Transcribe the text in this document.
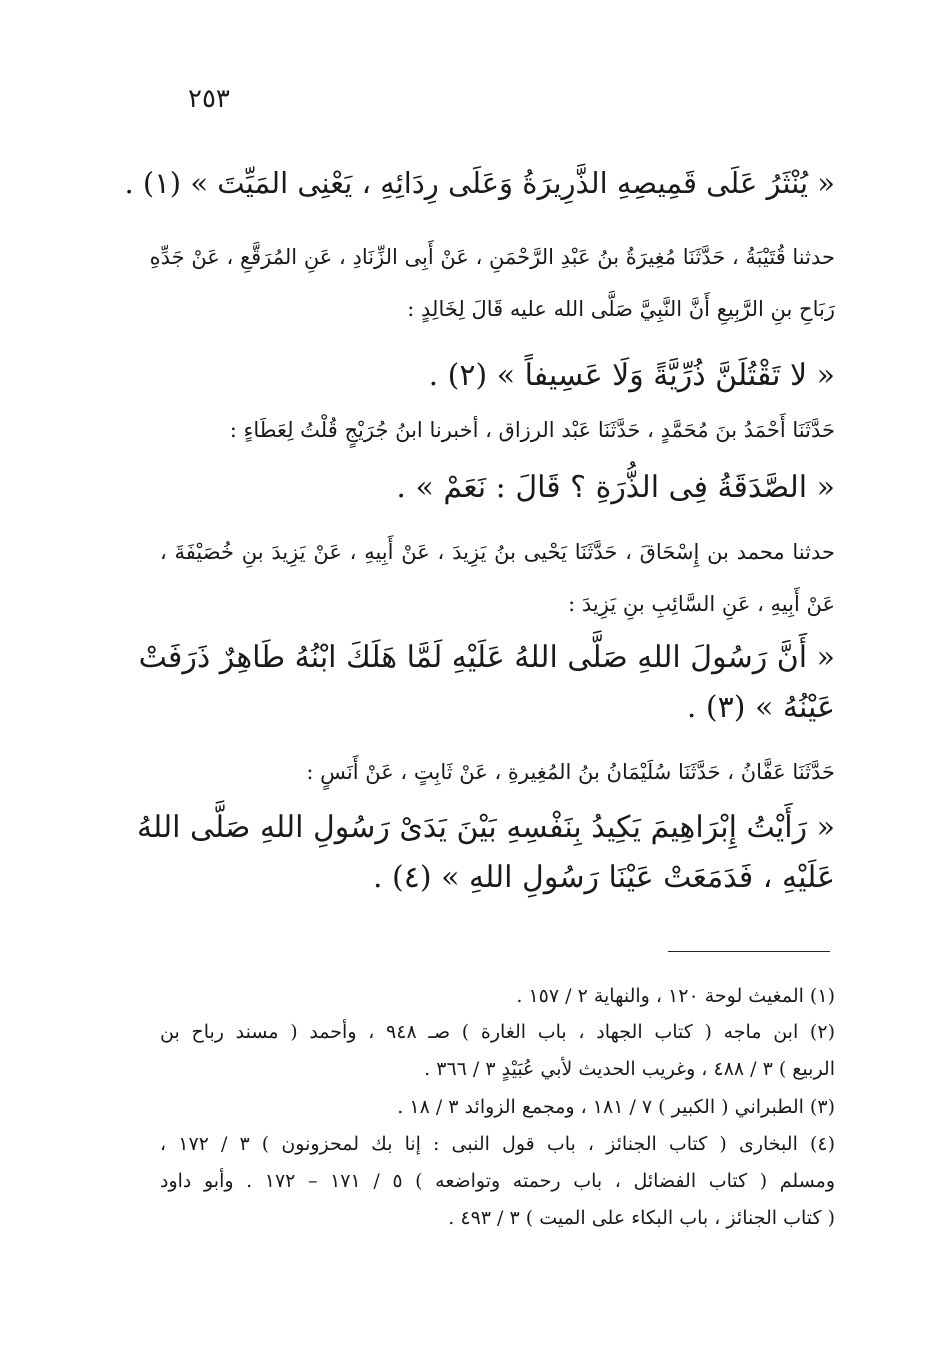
٢٥٣
« يُنْثَرُ عَلَى قَمِيصِهِ الذَّرِيرَةُ وَعَلَى رِدَائِهِ ، يَعْنِى المَيِّتَ » (١) .
حدثنا قُتَيْبَةُ ، حَدَّثَنَا مُغِيرَةُ بنُ عَبْدِ الرَّحْمَنِ ، عَنْ أَبِى الزِّنَادِ ، عَنِ المُرَقَّعِ ، عَنْ جَدِّهِ
رَبَاحِ بنِ الرَّبِيعِ أَنَّ النَّبِيَّ صَلَّى الله عليه قَالَ لِخَالِدٍ :
« لا تَقْتُلَنَّ ذُرِّيَّةً وَلَا عَسِيفاً » (٢) .
حَدَّثَنَا أَحْمَدُ بنَ مُحَمَّدٍ ، حَدَّثَنَا عَبْد الرزاق ، أخبرنا ابنُ جُرَيْجٍ قُلْتُ لِعَطَاءٍ :
« الصَّدَقَةُ فِى الذُّرَةِ ؟ قَالَ : نَعَمْ » .
حدثنا محمد بن إِسْحَاقَ ، حَدَّثَنَا يَحْيى بنُ يَزِيدَ ، عَنْ أَبِيهِ ، عَنْ يَزِيدَ بنِ خُصَيْفَةَ ،
عَنْ أَبِيهِ ، عَنِ السَّائِبِ بنِ يَزِيدَ :
« أَنَّ رَسُولَ اللهِ صَلَّى اللهُ عَلَيْهِ لَمَّا هَلَكَ ابْنُهُ طَاهِرٌ ذَرَفَتْ
عَيْنُهُ » (٣) .
حَدَّثَنَا عَفَّانُ ، حَدَّثَنَا سُلَيْمَانُ بنُ المُغِيرةِ ، عَنْ ثَابِتٍ ، عَنْ أَنَسٍ :
« رَأَيْتُ إِبْرَاهِيمَ يَكِيدُ بِنَفْسِهِ بَيْنَ يَدَىْ رَسُولِ اللهِ صَلَّى اللهُ
عَلَيْهِ ، فَدَمَعَتْ عَيْنَا رَسُولِ اللهِ » (٤) .
(١) المغيث لوحة ١٢٠ ، والنهاية ٢ / ١٥٧ .
(٢) ابن ماجه ( كتاب الجهاد ، باب الغارة ) صـ ٩٤٨ ، وأحمد ( مسند رباح بن
الربيع ) ٣ / ٤٨٨ ، وغريب الحديث لأبي عُبَيْدٍ ٣ / ٣٦٦ .
(٣) الطبراني ( الكبير ) ٧ / ١٨١ ، ومجمع الزوائد ٣ / ١٨ .
(٤) البخارى ( كتاب الجنائز ، باب قول النبى : إنا بك لمحزونون ) ٣ / ١٧٢ ،
ومسلم ( كتاب الفضائل ، باب رحمته وتواضعه ) ٥ / ١٧١ – ١٧٢ . وأبو داود
( كتاب الجنائز ، باب البكاء على الميت ) ٣ / ٤٩٣ .
